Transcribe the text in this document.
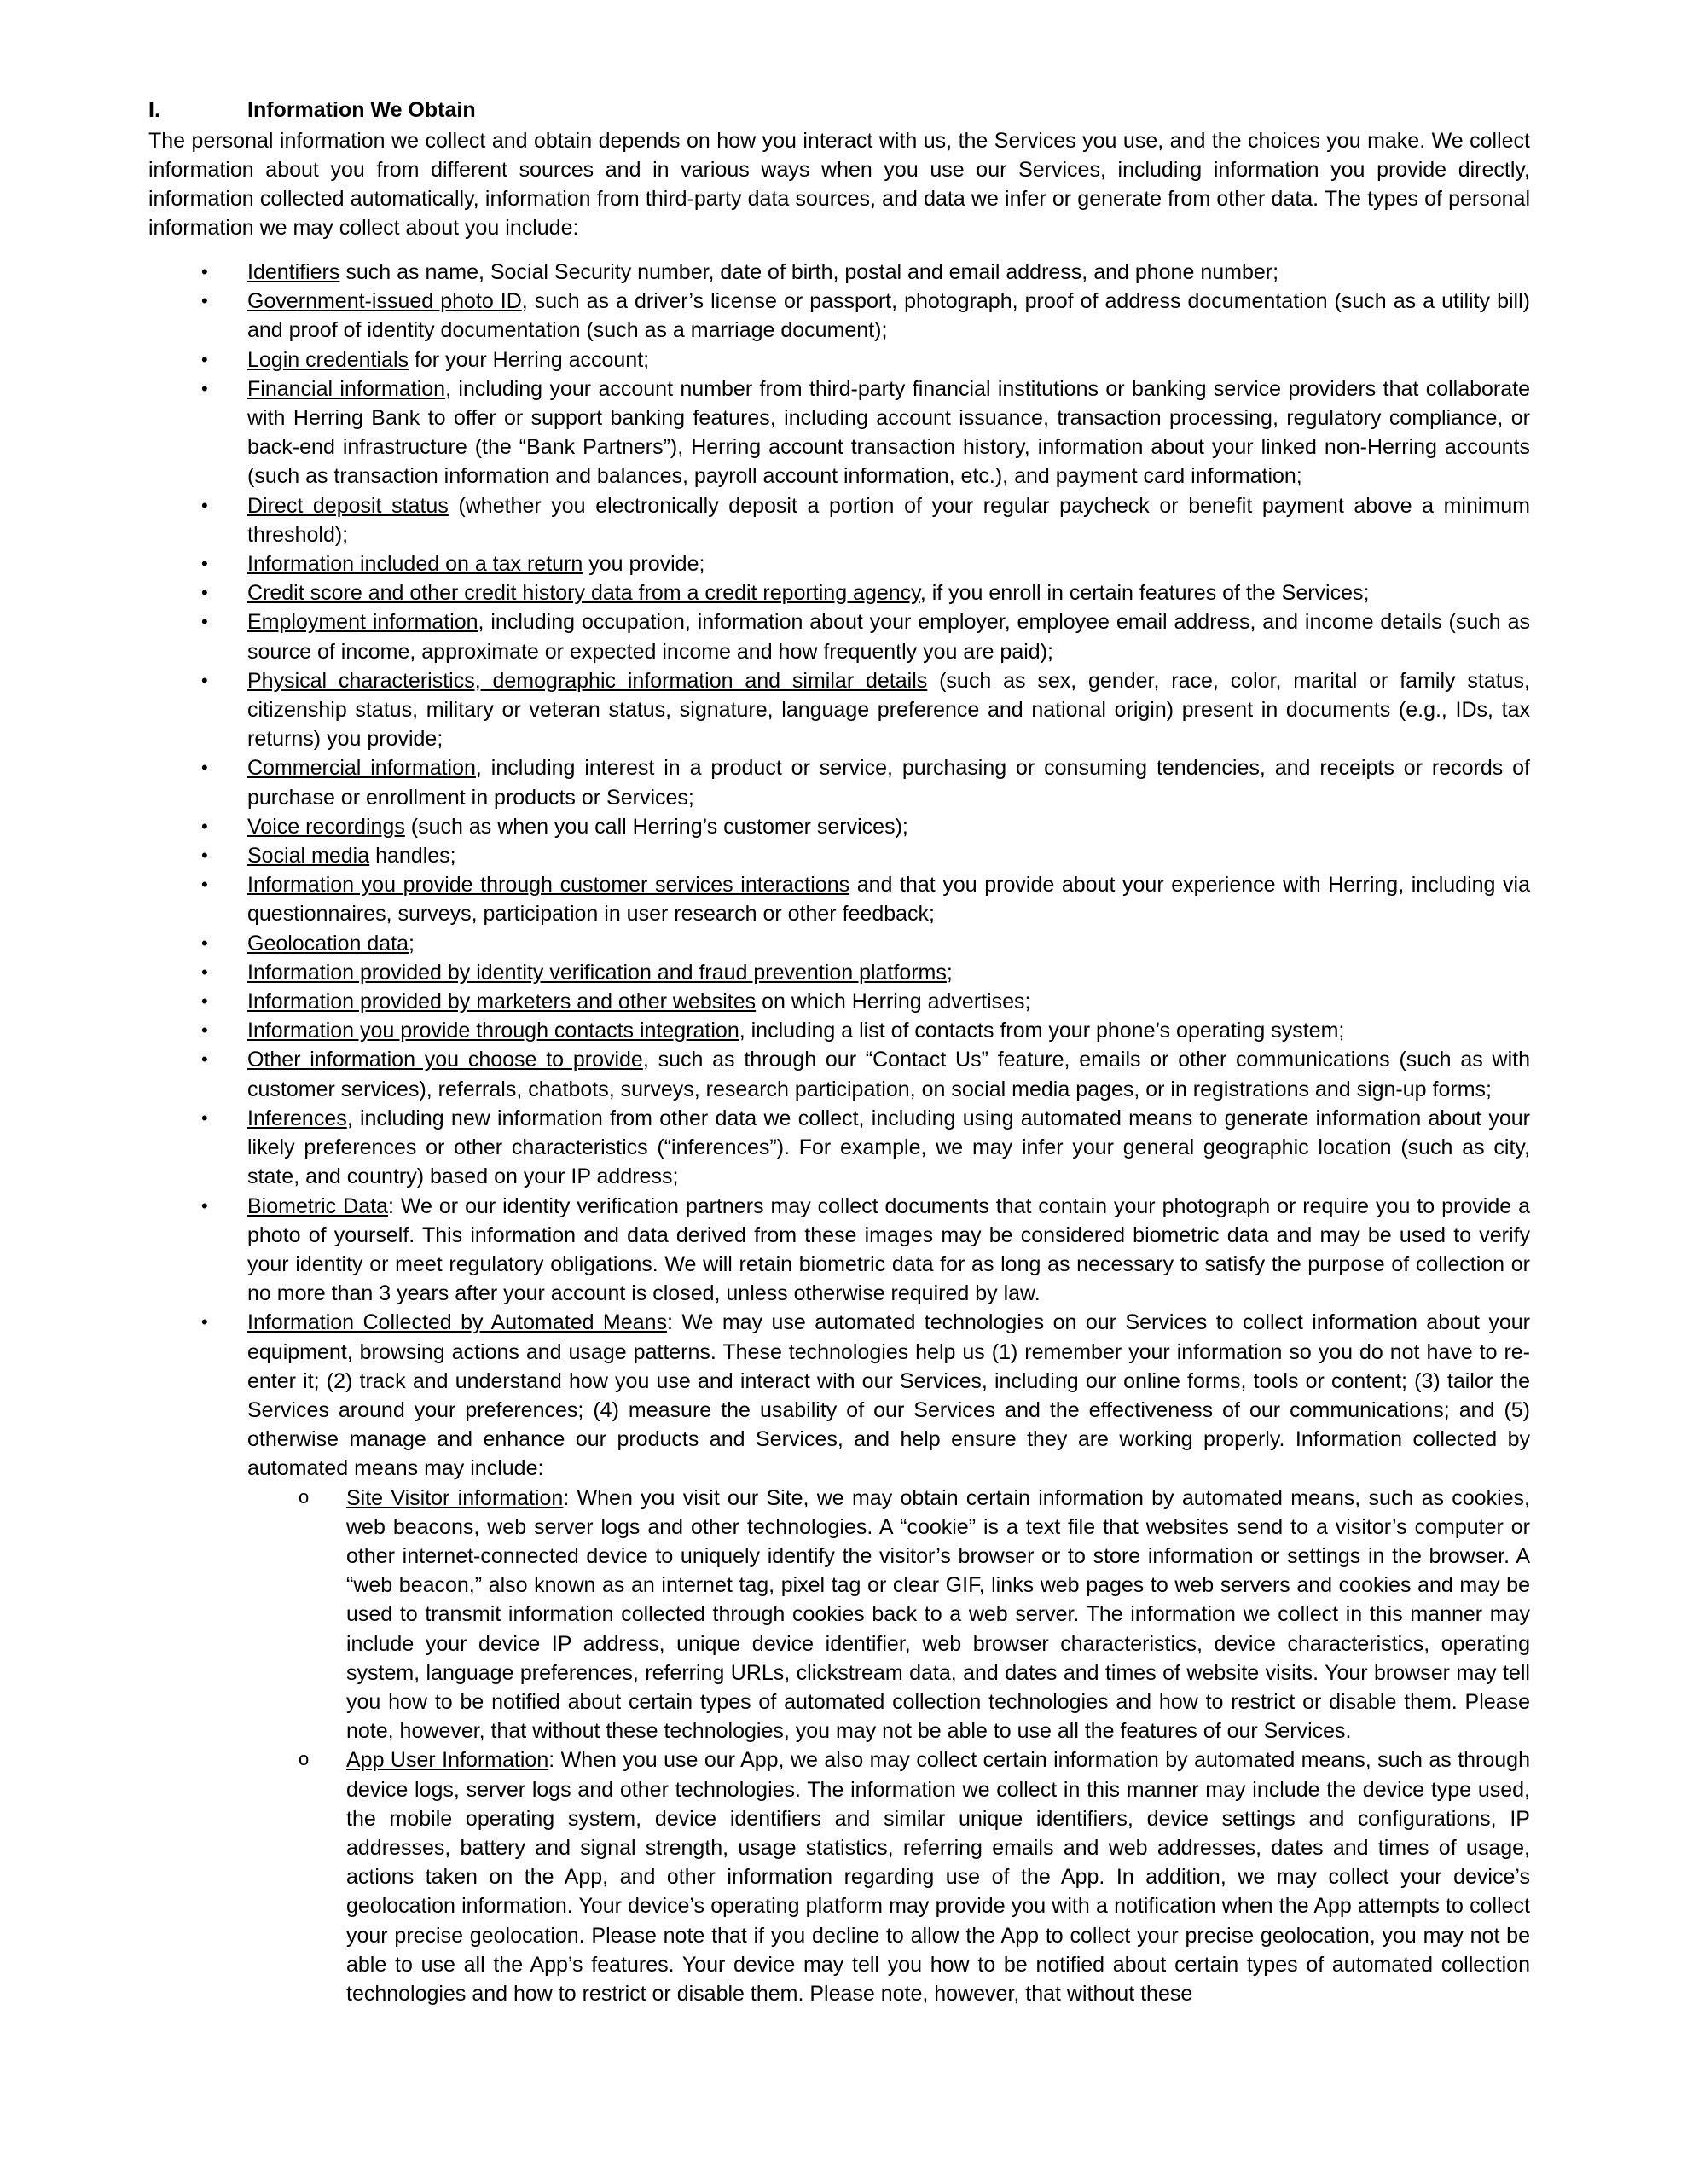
I.	Information We Obtain

The personal information we collect and obtain depends on how you interact with us, the Services you use, and the choices you make. We collect information about you from different sources and in various ways when you use our Services, including information you provide directly, information collected automatically, information from third-party data sources, and data we infer or generate from other data. The types of personal information we may collect about you include:

• Identifiers such as name, Social Security number, date of birth, postal and email address, and phone number;
• Government-issued photo ID, such as a driver’s license or passport, photograph, proof of address documentation (such as a utility bill) and proof of identity documentation (such as a marriage document);
• Login credentials for your Herring account;
• Financial information, including your account number from third-party financial institutions or banking service providers that collaborate with Herring Bank to offer or support banking features, including account issuance, transaction processing, regulatory compliance, or back-end infrastructure (the “Bank Partners”), Herring account transaction history, information about your linked non-Herring accounts (such as transaction information and balances, payroll account information, etc.), and payment card information;
• Direct deposit status (whether you electronically deposit a portion of your regular paycheck or benefit payment above a minimum threshold);
• Information included on a tax return you provide;
• Credit score and other credit history data from a credit reporting agency, if you enroll in certain features of the Services;
• Employment information, including occupation, information about your employer, employee email address, and income details (such as source of income, approximate or expected income and how frequently you are paid);
• Physical characteristics, demographic information and similar details (such as sex, gender, race, color, marital or family status, citizenship status, military or veteran status, signature, language preference and national origin) present in documents (e.g., IDs, tax returns) you provide;
• Commercial information, including interest in a product or service, purchasing or consuming tendencies, and receipts or records of purchase or enrollment in products or Services;
• Voice recordings (such as when you call Herring’s customer services);
• Social media handles;
• Information you provide through customer services interactions and that you provide about your experience with Herring, including via questionnaires, surveys, participation in user research or other feedback;
• Geolocation data;
• Information provided by identity verification and fraud prevention platforms;
• Information provided by marketers and other websites on which Herring advertises;
• Information you provide through contacts integration, including a list of contacts from your phone’s operating system;
• Other information you choose to provide, such as through our “Contact Us” feature, emails or other communications (such as with customer services), referrals, chatbots, surveys, research participation, on social media pages, or in registrations and sign-up forms;
• Inferences, including new information from other data we collect, including using automated means to generate information about your likely preferences or other characteristics (“inferences”). For example, we may infer your general geographic location (such as city, state, and country) based on your IP address;
• Biometric Data: We or our identity verification partners may collect documents that contain your photograph or require you to provide a photo of yourself. This information and data derived from these images may be considered biometric data and may be used to verify your identity or meet regulatory obligations. We will retain biometric data for as long as necessary to satisfy the purpose of collection or no more than 3 years after your account is closed, unless otherwise required by law.
• Information Collected by Automated Means: We may use automated technologies on our Services to collect information about your equipment, browsing actions and usage patterns. These technologies help us (1) remember your information so you do not have to re-enter it; (2) track and understand how you use and interact with our Services, including our online forms, tools or content; (3) tailor the Services around your preferences; (4) measure the usability of our Services and the effectiveness of our communications; and (5) otherwise manage and enhance our products and Services, and help ensure they are working properly. Information collected by automated means may include:
o Site Visitor information: When you visit our Site, we may obtain certain information by automated means, such as cookies, web beacons, web server logs and other technologies. A “cookie” is a text file that websites send to a visitor’s computer or other internet-connected device to uniquely identify the visitor’s browser or to store information or settings in the browser. A “web beacon,” also known as an internet tag, pixel tag or clear GIF, links web pages to web servers and cookies and may be used to transmit information collected through cookies back to a web server. The information we collect in this manner may include your device IP address, unique device identifier, web browser characteristics, device characteristics, operating system, language preferences, referring URLs, clickstream data, and dates and times of website visits. Your browser may tell you how to be notified about certain types of automated collection technologies and how to restrict or disable them. Please note, however, that without these technologies, you may not be able to use all the features of our Services.
o App User Information: When you use our App, we also may collect certain information by automated means, such as through device logs, server logs and other technologies. The information we collect in this manner may include the device type used, the mobile operating system, device identifiers and similar unique identifiers, device settings and configurations, IP addresses, battery and signal strength, usage statistics, referring emails and web addresses, dates and times of usage, actions taken on the App, and other information regarding use of the App. In addition, we may collect your device’s geolocation information. Your device’s operating platform may provide you with a notification when the App attempts to collect your precise geolocation. Please note that if you decline to allow the App to collect your precise geolocation, you may not be able to use all the App’s features. Your device may tell you how to be notified about certain types of automated collection technologies and how to restrict or disable them. Please note, however, that without these
